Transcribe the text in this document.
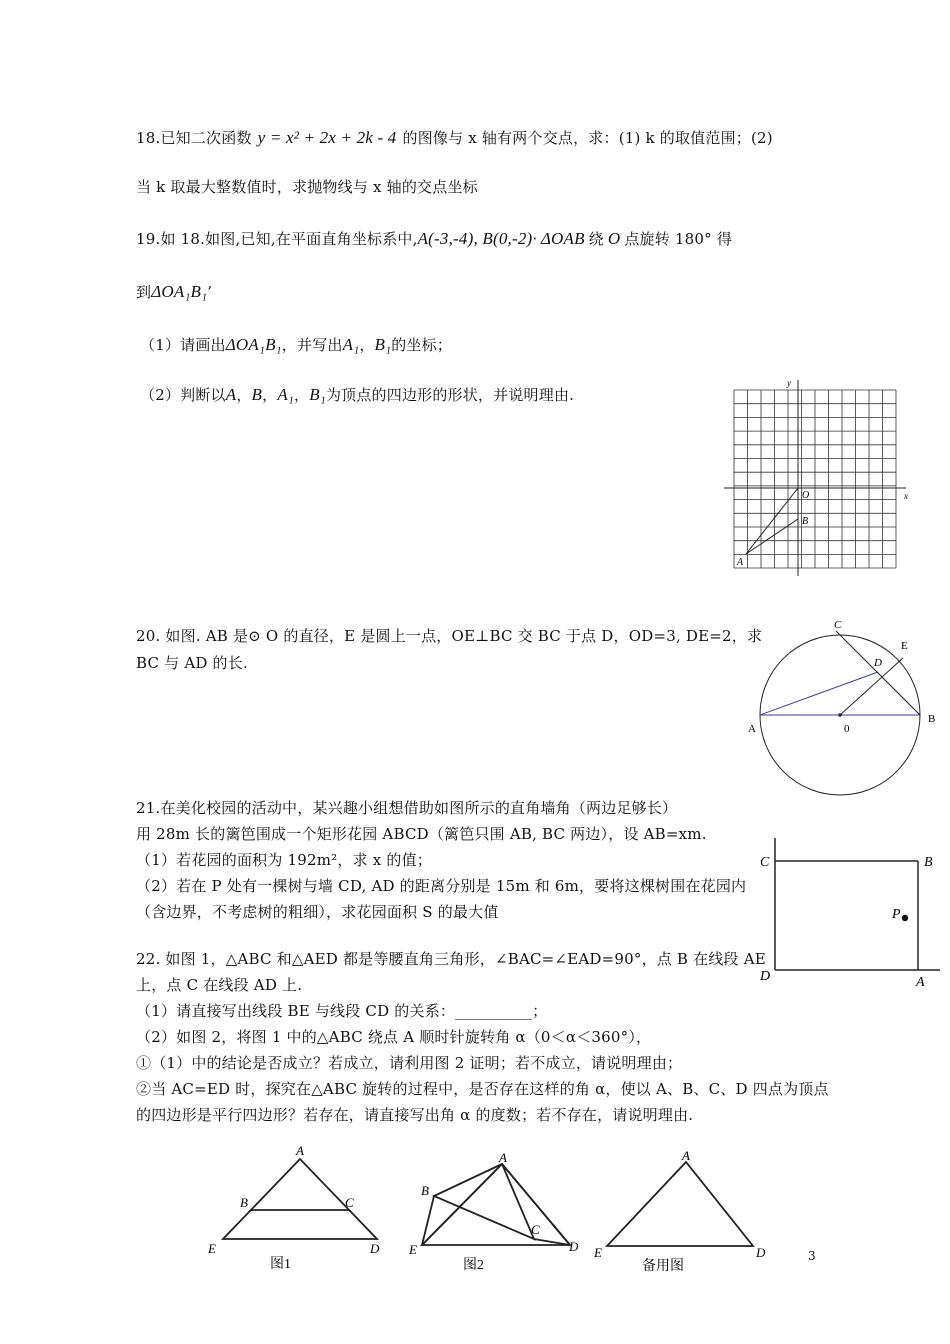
18.已知二次函数 y = x² + 2x + 2k - 4 的图像与 x 轴有两个交点，求：(1) k 的取值范围；(2)
当 k 取最大整数值时，求抛物线与 x 轴的交点坐标
19.如 18.如图,已知,在平面直角坐标系中,A(-3,-4), B(0,-2)· ΔOAB 绕 O 点旋转 180° 得
到ΔOA₁B₁’
（1）请画出ΔOA₁B₁，并写出A₁，B₁的坐标；
（2）判断以A，B，A₁，B₁为顶点的四边形的形状，并说明理由.
y
x
O
B
A
20. 如图. AB 是⊙ O 的直径，E 是圆上一点，OE⊥BC 交 BC 于点 D，OD=3, DE=2，求
BC 与 AD 的长.
C
D
E
A
B
0
21.在美化校园的活动中，某兴趣小组想借助如图所示的直角墙角（两边足够长）
用 28m 长的篱笆围成一个矩形花园 ABCD（篱笆只围 AB, BC 两边），设 AB=xm.
（1）若花园的面积为 192m²，求 x 的值；
（2）若在 P 处有一棵树与墙 CD, AD 的距离分别是 15m 和 6m，要将这棵树围在花园内
（含边界，不考虑树的粗细），求花园面积 S 的最大值
C	B
D	A
P
22. 如图 1，△ABC 和△AED 都是等腰直角三角形，∠BAC=∠EAD=90°，点 B 在线段 AE
上，点 C 在线段 AD 上.
（1）请直接写出线段 BE 与线段 CD 的关系：__________；
（2）如图 2，将图 1 中的△ABC 绕点 A 顺时针旋转角 α（0＜α＜360°），
①（1）中的结论是否成立？若成立，请利用图 2 证明；若不成立，请说明理由；
②当 AC=ED 时，探究在△ABC 旋转的过程中，是否存在这样的角 α，使以 A、B、C、D 四点为顶点
的四边形是平行四边形？若存在，请直接写出角 α 的度数；若不存在，请说明理由.
A
B	C
E	D
图1
A
B
C
E	D
图2
A
E	D
备用图
3
